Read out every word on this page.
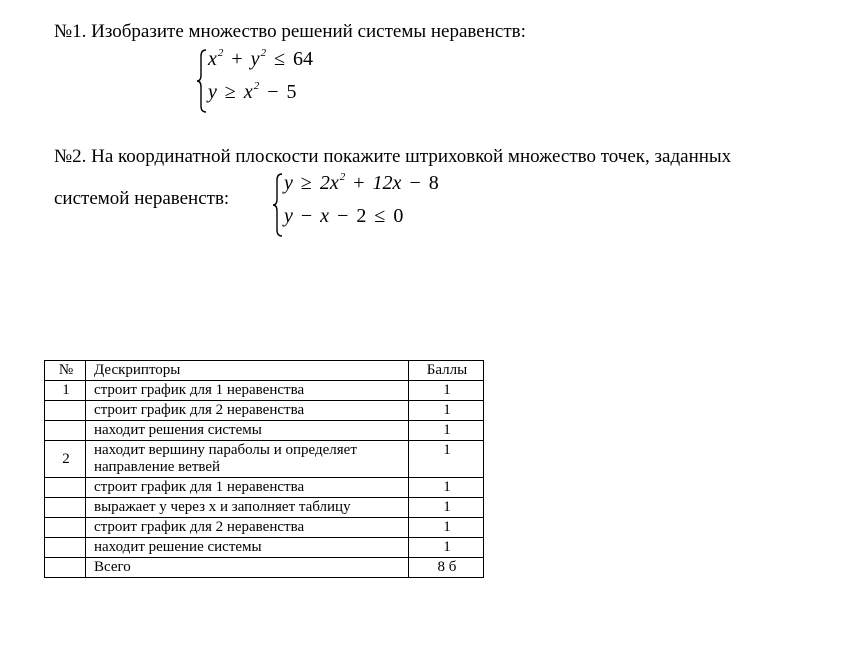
№1. Изобразите множество решений системы неравенств:
$x^2 + y^2 \le 64$
$y \ge x^2 - 5$
№2. На координатной плоскости покажите штриховкой множество точек, заданных
системой неравенств:
$y \ge 2x^2 + 12x - 8$
y − x − 2 ≤ 0
№	Дескрипторы	Баллы
1	строит график для 1 неравенства	1
	строит график для 2 неравенства	1
	находит решения системы	1
2	находит вершину параболы и определяет направление ветвей	1
	строит график для 1 неравенства	1
	выражает у через х и заполняет таблицу	1
	строит график для 2 неравенства	1
	находит решение системы	1
	Всего	8 б
